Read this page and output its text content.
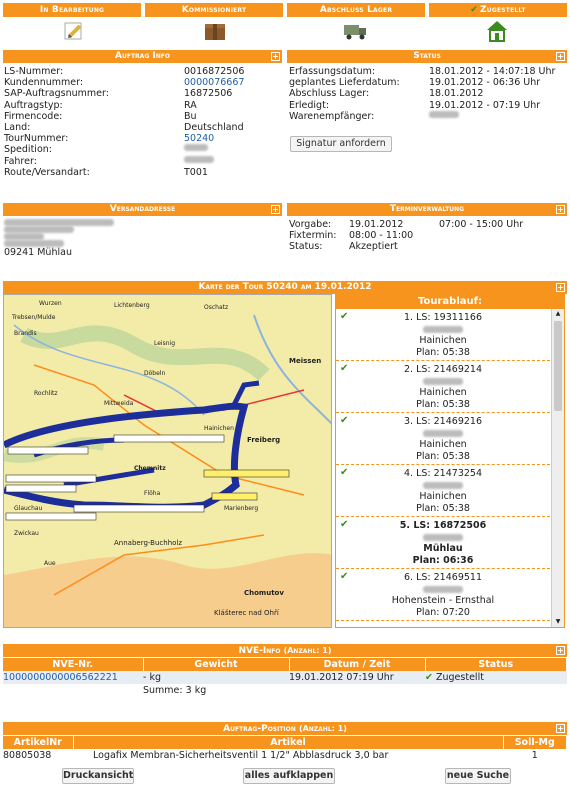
In Bearbeitung	Kommissioniert	Abschluss Lager	✔ Zugestellt
Auftrag Info	+
LS-Nummer:	0016872506
Kundennummer:	0000076667
SAP-Auftragsnummer:	16872506
Auftragstyp:	RA
Firmencode:	Bu
Land:	Deutschland
TourNummer:	50240
Spedition:
Fahrer:
Route/Versandart:	T001
Status	+
Erfassungsdatum:	18.01.2012 - 14:07:18 Uhr
geplantes Lieferdatum:	19.01.2012 - 06:36 Uhr
Abschluss Lager:	18.01.2012
Erledigt:	19.01.2012 - 07:19 Uhr
Warenempfänger:
Signatur anfordern
Versandadresse	+
09241 Mühlau
Terminverwaltung	+
Vorgabe:	19.01.2012	07:00 - 15:00 Uhr
Fixtermin:	08:00 - 11:00
Status:	Akzeptiert
Karte der Tour 50240 am 19.01.2012	+
Wurzen	Lichtenberg	Oschatz
Trebsen/Mulde
Brandis
Leisnig
Döbeln
Rochlitz
Mittweida
Hainichen
Meissen
Freiberg
Chemnitz
Flöha
Marienberg
Glauchau
Zwickau
Annaberg-Buchholz
Aue
Chomutov
Klášterec nad Ohří
Tourablauf:
✔	1. LS: 19311166
Hainichen
Plan: 05:38
✔	2. LS: 21469214
Hainichen
Plan: 05:38
✔	3. LS: 21469216
Hainichen
Plan: 05:38
✔	4. LS: 21473254
Hainichen
Plan: 05:38
✔	5. LS: 16872506
Mühlau
Plan: 06:36
✔	6. LS: 21469511
Hohenstein - Ernsthal
Plan: 07:20
▲
▼
NVE-Info (Anzahl: 1)	+
NVE-Nr.	Gewicht	Datum / Zeit	Status
1000000000006562221	- kg	19.01.2012 07:19 Uhr	✔ Zugestellt
	Summe: 3 kg		
Auftrag-Position (Anzahl: 1)	+
ArtikelNr	Artikel	Soll-Mg
80805038	Logafix Membran-Sicherheitsventil 1 1/2" Abblasdruck 3,0 bar	1
Druckansicht	alles aufklappen	neue Suche
